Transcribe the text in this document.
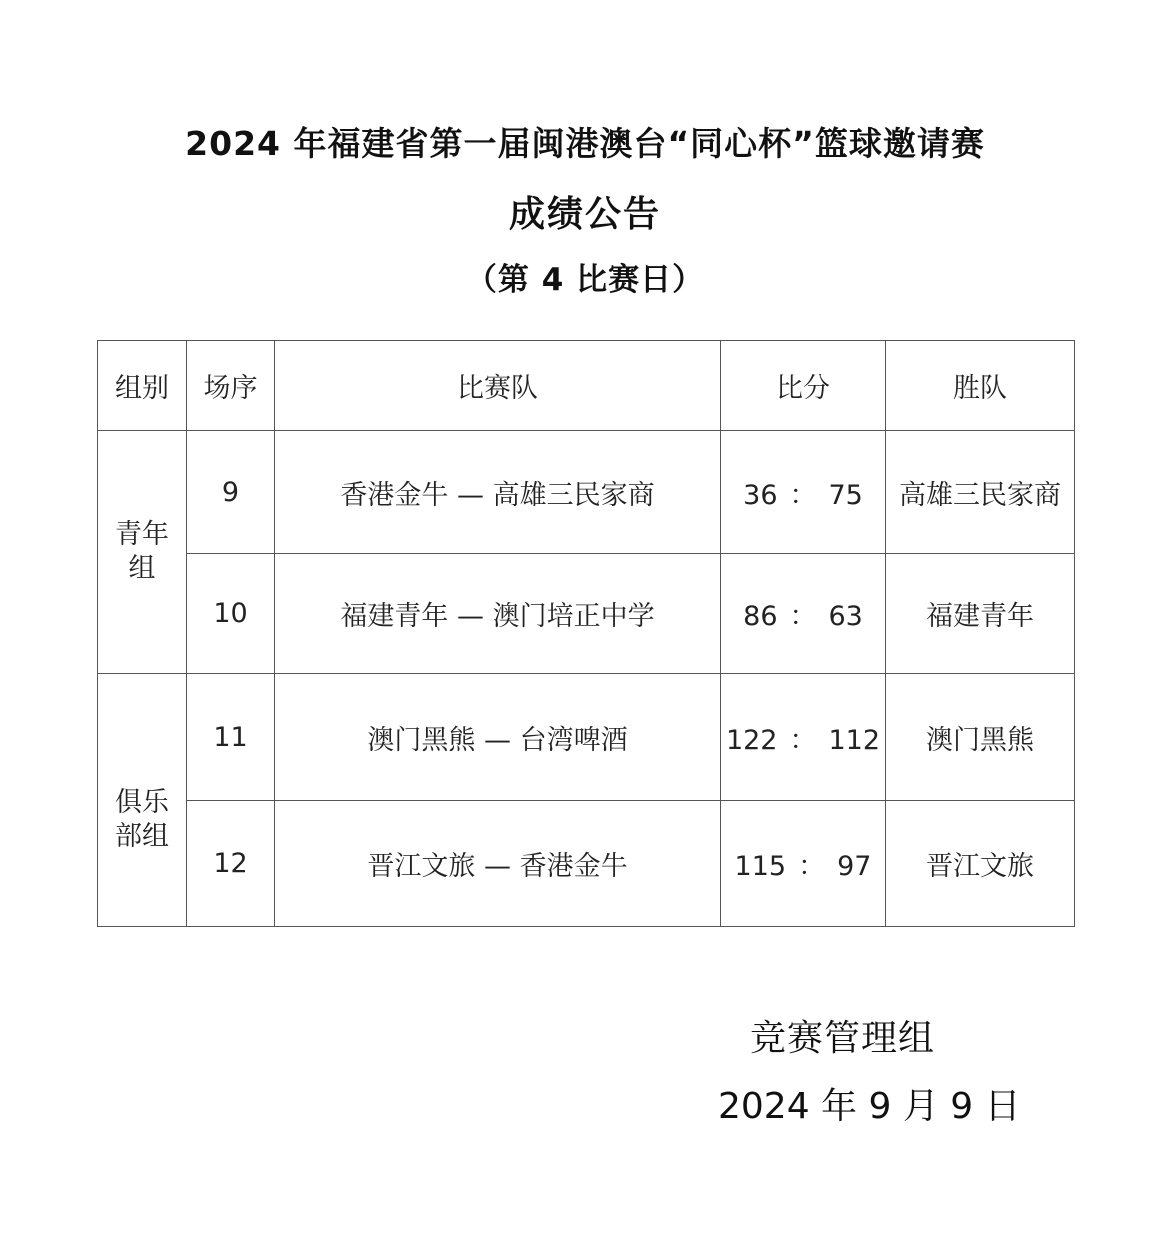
2024 年福建省第一届闽港澳台“同心杯”篮球邀请赛
成绩公告
（第 4 比赛日）
组别	场序	比赛队	比分	胜队

青年
组	9	香港金牛 — 高雄三民家商	36 ： 75	高雄三民家商
	10	福建青年 — 澳门培正中学	86 ： 63	福建青年

俱乐
部组	11	澳门黑熊 — 台湾啤酒	122 ： 112	澳门黑熊
	12	晋江文旅 — 香港金牛	115 ： 97	晋江文旅
竞赛管理组
2024 年 9 月 9 日
